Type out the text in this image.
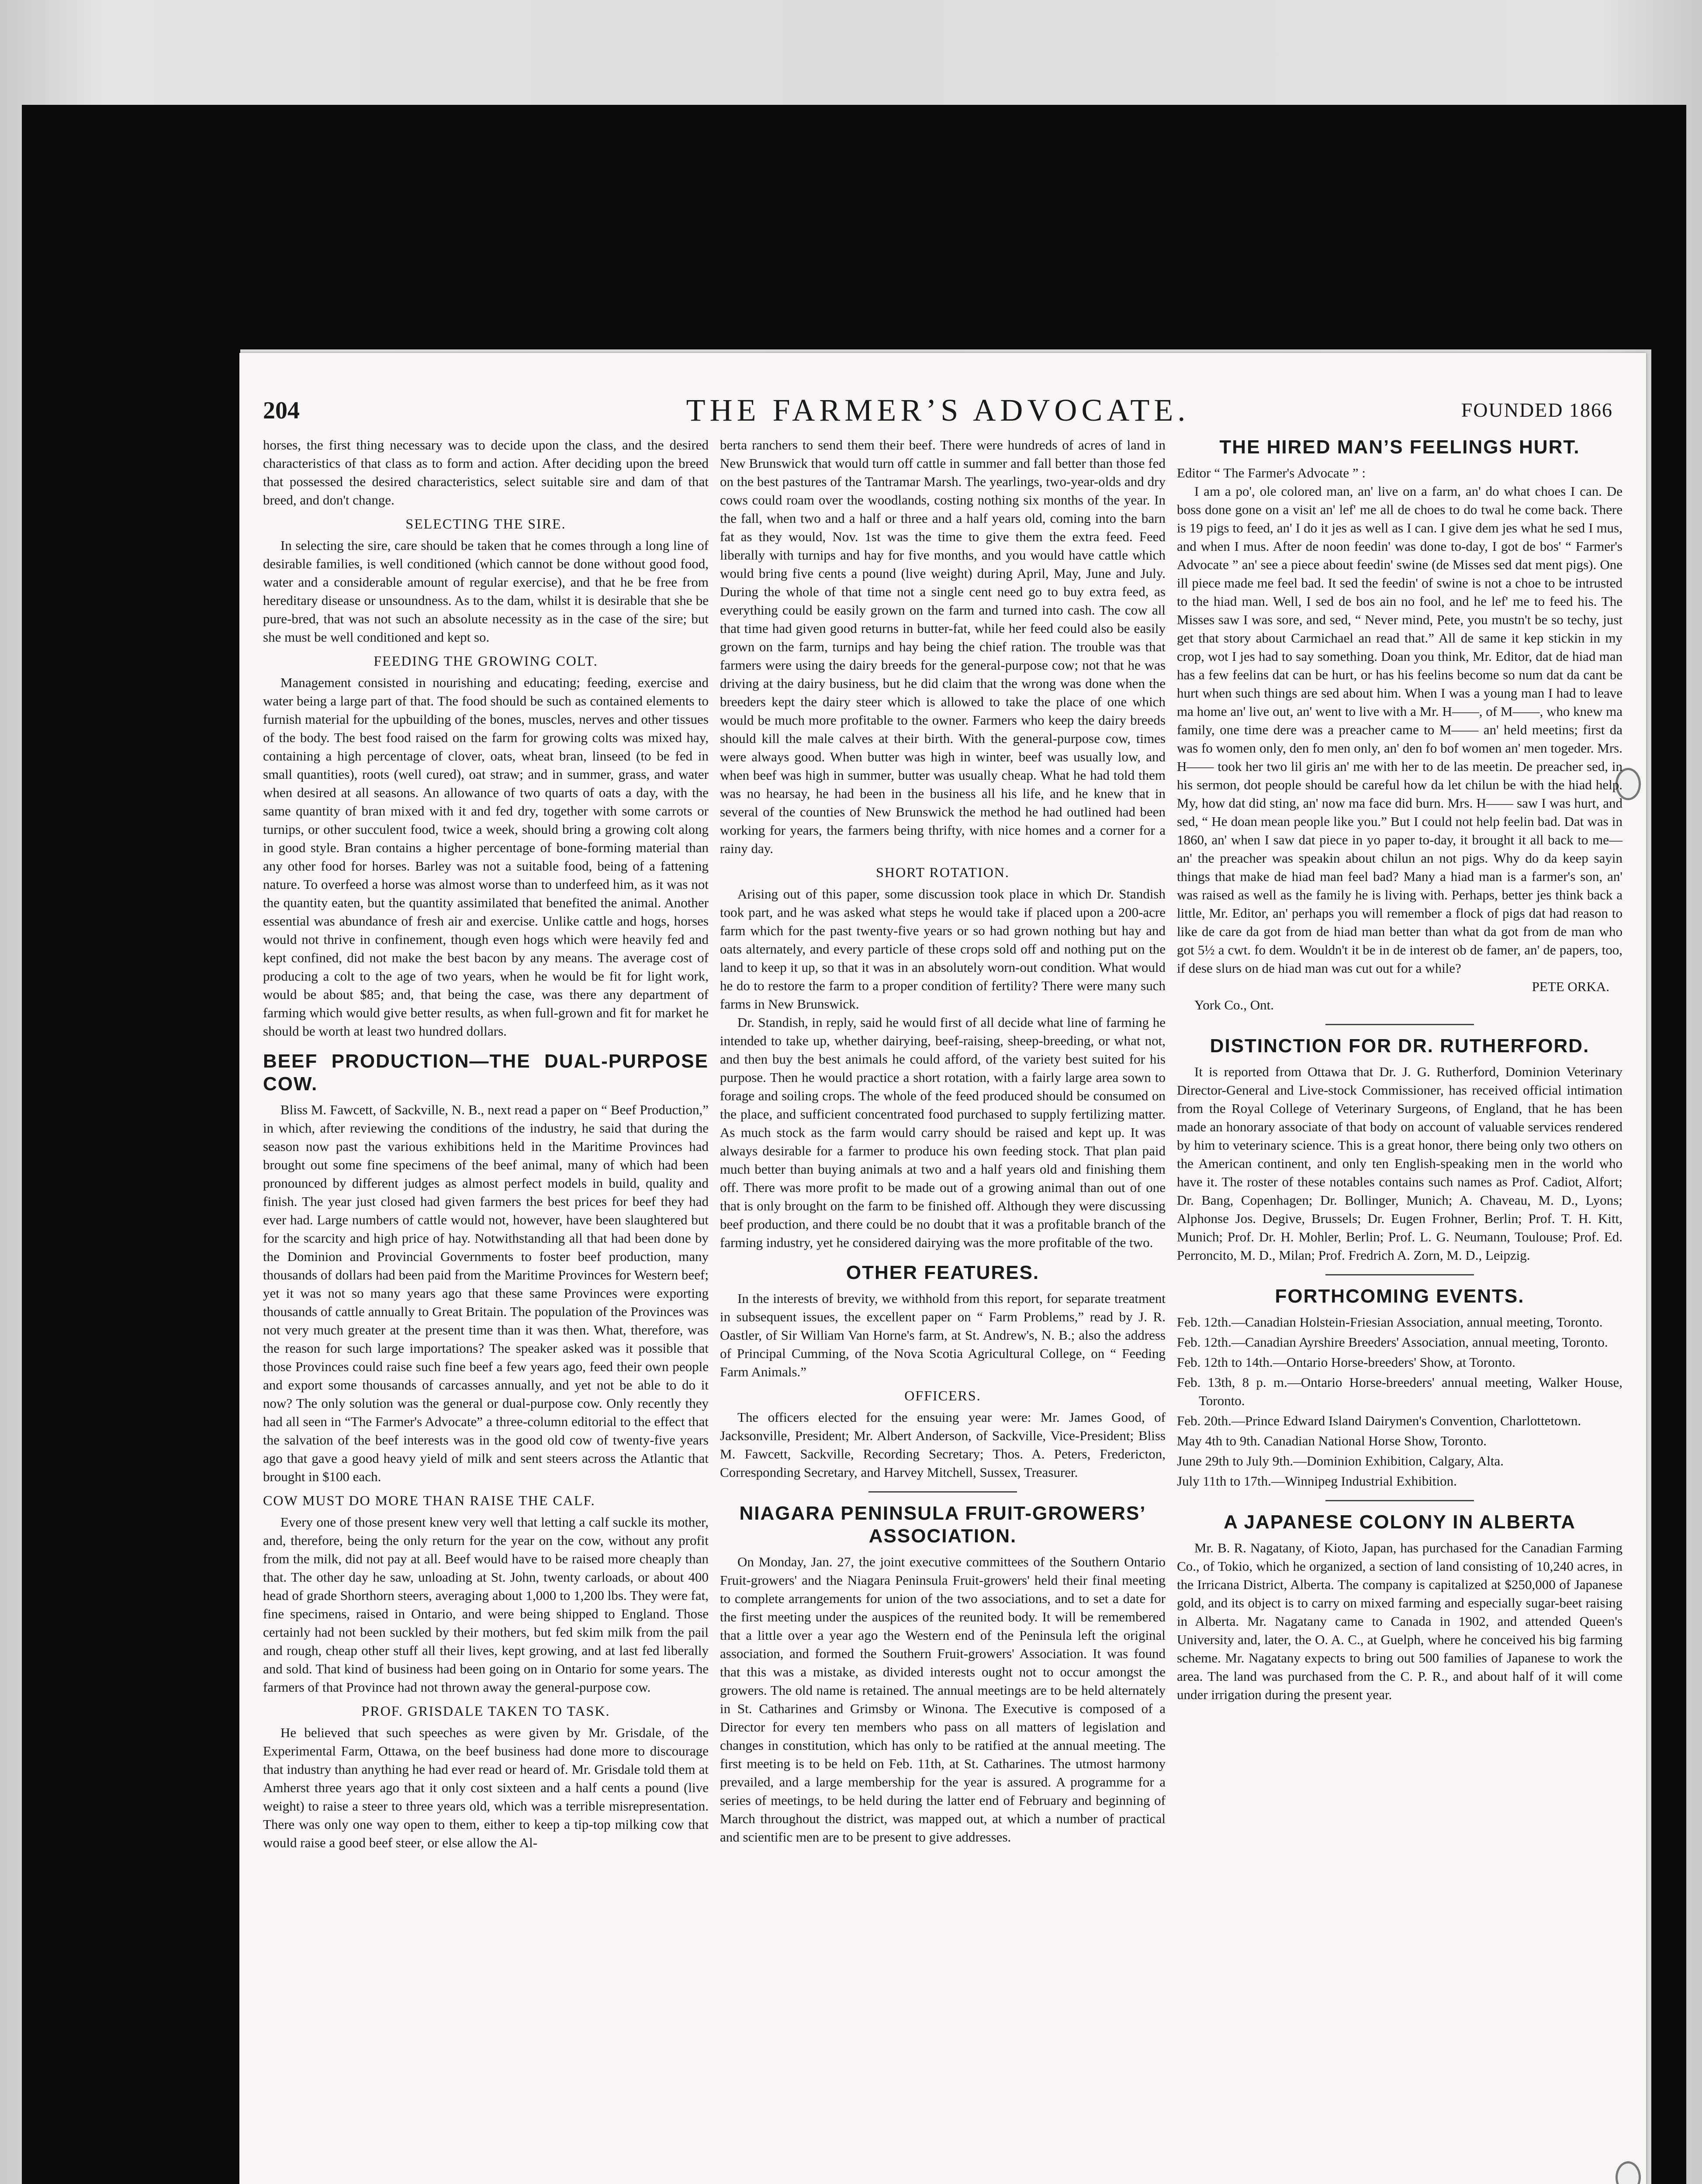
204	THE FARMER’S ADVOCATE.	FOUNDED 1866

horses, the first thing necessary was to decide upon the class, and the desired characteristics of that class as to form and action. After deciding upon the breed that possessed the desired characteristics, select suitable sire and dam of that breed, and don't change.

SELECTING THE SIRE.

In selecting the sire, care should be taken that he comes through a long line of desirable families, is well conditioned (which cannot be done without good food, water and a considerable amount of regular exercise), and that he be free from hereditary disease or unsoundness. As to the dam, whilst it is desirable that she be pure-bred, that was not such an absolute necessity as in the case of the sire; but she must be well conditioned and kept so.

FEEDING THE GROWING COLT.

Management consisted in nourishing and educating; feeding, exercise and water being a large part of that. The food should be such as contained elements to furnish material for the upbuilding of the bones, muscles, nerves and other tissues of the body. The best food raised on the farm for growing colts was mixed hay, containing a high percentage of clover, oats, wheat bran, linseed (to be fed in small quantities), roots (well cured), oat straw; and in summer, grass, and water when desired at all seasons. An allowance of two quarts of oats a day, with the same quantity of bran mixed with it and fed dry, together with some carrots or turnips, or other succulent food, twice a week, should bring a growing colt along in good style. Bran contains a higher percentage of bone-forming material than any other food for horses. Barley was not a suitable food, being of a fattening nature. To overfeed a horse was almost worse than to underfeed him, as it was not the quantity eaten, but the quantity assimilated that benefited the animal. Another essential was abundance of fresh air and exercise. Unlike cattle and hogs, horses would not thrive in confinement, though even hogs which were heavily fed and kept confined, did not make the best bacon by any means. The average cost of producing a colt to the age of two years, when he would be fit for light work, would be about $85; and, that being the case, was there any department of farming which would give better results, as when full-grown and fit for market he should be worth at least two hundred dollars.

BEEF PRODUCTION—THE DUAL-PURPOSE COW.

Bliss M. Fawcett, of Sackville, N. B., next read a paper on “ Beef Production,” in which, after reviewing the conditions of the industry, he said that during the season now past the various exhibitions held in the Maritime Provinces had brought out some fine specimens of the beef animal, many of which had been pronounced by different judges as almost perfect models in build, quality and finish. The year just closed had given farmers the best prices for beef they had ever had. Large numbers of cattle would not, however, have been slaughtered but for the scarcity and high price of hay. Notwithstanding all that had been done by the Dominion and Provincial Governments to foster beef production, many thousands of dollars had been paid from the Maritime Provinces for Western beef; yet it was not so many years ago that these same Provinces were exporting thousands of cattle annually to Great Britain. The population of the Provinces was not very much greater at the present time than it was then. What, therefore, was the reason for such large importations? The speaker asked was it possible that those Provinces could raise such fine beef a few years ago, feed their own people and export some thousands of carcasses annually, and yet not be able to do it now? The only solution was the general or dual-purpose cow. Only recently they had all seen in “The Farmer's Advocate” a three-column editorial to the effect that the salvation of the beef interests was in the good old cow of twenty-five years ago that gave a good heavy yield of milk and sent steers across the Atlantic that brought in $100 each.

COW MUST DO MORE THAN RAISE THE CALF.

Every one of those present knew very well that letting a calf suckle its mother, and, therefore, being the only return for the year on the cow, without any profit from the milk, did not pay at all. Beef would have to be raised more cheaply than that. The other day he saw, unloading at St. John, twenty carloads, or about 400 head of grade Shorthorn steers, averaging about 1,000 to 1,200 lbs. They were fat, fine specimens, raised in Ontario, and were being shipped to England. Those certainly had not been suckled by their mothers, but fed skim milk from the pail and rough, cheap other stuff all their lives, kept growing, and at last fed liberally and sold. That kind of business had been going on in Ontario for some years. The farmers of that Province had not thrown away the general-purpose cow.

PROF. GRISDALE TAKEN TO TASK.

He believed that such speeches as were given by Mr. Grisdale, of the Experimental Farm, Ottawa, on the beef business had done more to discourage that industry than anything he had ever read or heard of. Mr. Grisdale told them at Amherst three years ago that it only cost sixteen and a half cents a pound (live weight) to raise a steer to three years old, which was a terrible misrepresentation. There was only one way open to them, either to keep a tip-top milking cow that would raise a good beef steer, or else allow the Al-

berta ranchers to send them their beef. There were hundreds of acres of land in New Brunswick that would turn off cattle in summer and fall better than those fed on the best pastures of the Tantramar Marsh. The yearlings, two-year-olds and dry cows could roam over the woodlands, costing nothing six months of the year. In the fall, when two and a half or three and a half years old, coming into the barn fat as they would, Nov. 1st was the time to give them the extra feed. Feed liberally with turnips and hay for five months, and you would have cattle which would bring five cents a pound (live weight) during April, May, June and July. During the whole of that time not a single cent need go to buy extra feed, as everything could be easily grown on the farm and turned into cash. The cow all that time had given good returns in butter-fat, while her feed could also be easily grown on the farm, turnips and hay being the chief ration. The trouble was that farmers were using the dairy breeds for the general-purpose cow; not that he was driving at the dairy business, but he did claim that the wrong was done when the breeders kept the dairy steer which is allowed to take the place of one which would be much more profitable to the owner. Farmers who keep the dairy breeds should kill the male calves at their birth. With the general-purpose cow, times were always good. When butter was high in winter, beef was usually low, and when beef was high in summer, butter was usually cheap. What he had told them was no hearsay, he had been in the business all his life, and he knew that in several of the counties of New Brunswick the method he had outlined had been working for years, the farmers being thrifty, with nice homes and a corner for a rainy day.

SHORT ROTATION.

Arising out of this paper, some discussion took place in which Dr. Standish took part, and he was asked what steps he would take if placed upon a 200-acre farm which for the past twenty-five years or so had grown nothing but hay and oats alternately, and every particle of these crops sold off and nothing put on the land to keep it up, so that it was in an absolutely worn-out condition. What would he do to restore the farm to a proper condition of fertility? There were many such farms in New Brunswick.

Dr. Standish, in reply, said he would first of all decide what line of farming he intended to take up, whether dairying, beef-raising, sheep-breeding, or what not, and then buy the best animals he could afford, of the variety best suited for his purpose. Then he would practice a short rotation, with a fairly large area sown to forage and soiling crops. The whole of the feed produced should be consumed on the place, and sufficient concentrated food purchased to supply fertilizing matter. As much stock as the farm would carry should be raised and kept up. It was always desirable for a farmer to produce his own feeding stock. That plan paid much better than buying animals at two and a half years old and finishing them off. There was more profit to be made out of a growing animal than out of one that is only brought on the farm to be finished off. Although they were discussing beef production, and there could be no doubt that it was a profitable branch of the farming industry, yet he considered dairying was the more profitable of the two.

OTHER FEATURES.

In the interests of brevity, we withhold from this report, for separate treatment in subsequent issues, the excellent paper on “ Farm Problems,” read by J. R. Oastler, of Sir William Van Horne's farm, at St. Andrew's, N. B.; also the address of Principal Cumming, of the Nova Scotia Agricultural College, on “ Feeding Farm Animals.”

OFFICERS.

The officers elected for the ensuing year were: Mr. James Good, of Jacksonville, President; Mr. Albert Anderson, of Sackville, Vice-President; Bliss M. Fawcett, Sackville, Recording Secretary; Thos. A. Peters, Fredericton, Corresponding Secretary, and Harvey Mitchell, Sussex, Treasurer.

NIAGARA PENINSULA FRUIT-GROWERS’ ASSOCIATION.

On Monday, Jan. 27, the joint executive committees of the Southern Ontario Fruit-growers' and the Niagara Peninsula Fruit-growers' held their final meeting to complete arrangements for union of the two associations, and to set a date for the first meeting under the auspices of the reunited body. It will be remembered that a little over a year ago the Western end of the Peninsula left the original association, and formed the Southern Fruit-growers' Association. It was found that this was a mistake, as divided interests ought not to occur amongst the growers. The old name is retained. The annual meetings are to be held alternately in St. Catharines and Grimsby or Winona. The Executive is composed of a Director for every ten members who pass on all matters of legislation and changes in constitution, which has only to be ratified at the annual meeting. The first meeting is to be held on Feb. 11th, at St. Catharines. The utmost harmony prevailed, and a large membership for the year is assured. A programme for a series of meetings, to be held during the latter end of February and beginning of March throughout the district, was mapped out, at which a number of practical and scientific men are to be present to give addresses.

THE HIRED MAN’S FEELINGS HURT.
Editor “ The Farmer's Advocate ” :

I am a po', ole colored man, an' live on a farm, an' do what choes I can. De boss done gone on a visit an' lef' me all de choes to do twal he come back. There is 19 pigs to feed, an' I do it jes as well as I can. I give dem jes what he sed I mus, and when I mus. After de noon feedin' was done to-day, I got de bos' “ Farmer's Advocate ” an' see a piece about feedin' swine (de Misses sed dat ment pigs). One ill piece made me feel bad. It sed the feedin' of swine is not a choe to be intrusted to the hiad man. Well, I sed de bos ain no fool, and he lef' me to feed his. The Misses saw I was sore, and sed, “ Never mind, Pete, you mustn't be so techy, just get that story about Carmichael an read that.” All de same it kep stickin in my crop, wot I jes had to say something. Doan you think, Mr. Editor, dat de hiad man has a few feelins dat can be hurt, or has his feelins become so num dat da cant be hurt when such things are sed about him. When I was a young man I had to leave ma home an' live out, an' went to live with a Mr. H——, of M——, who knew ma family, one time dere was a preacher came to M—— an' held meetins; first da was fo women only, den fo men only, an' den fo bof women an' men togeder. Mrs. H—— took her two lil giris an' me with her to de las meetin. De preacher sed, in his sermon, dot people should be careful how da let chilun be with the hiad help. My, how dat did sting, an' now ma face did burn. Mrs. H—— saw I was hurt, and sed, “ He doan mean people like you.” But I could not help feelin bad. Dat was in 1860, an' when I saw dat piece in yo paper to-day, it brought it all back to me—an' the preacher was speakin about chilun an not pigs. Why do da keep sayin things that make de hiad man feel bad? Many a hiad man is a farmer's son, an' was raised as well as the family he is living with. Perhaps, better jes think back a little, Mr. Editor, an' perhaps you will remember a flock of pigs dat had reason to like de care da got from de hiad man better than what da got from de man who got 5½ a cwt. fo dem. Wouldn't it be in de interest ob de famer, an' de papers, too, if dese slurs on de hiad man was cut out for a while?

PETE ORKA.
York Co., Ont.
DISTINCTION FOR DR. RUTHERFORD.

It is reported from Ottawa that Dr. J. G. Rutherford, Dominion Veterinary Director-General and Live-stock Commissioner, has received official intimation from the Royal College of Veterinary Surgeons, of England, that he has been made an honorary associate of that body on account of valuable services rendered by him to veterinary science. This is a great honor, there being only two others on the American continent, and only ten English-speaking men in the world who have it. The roster of these notables contains such names as Prof. Cadiot, Alfort; Dr. Bang, Copenhagen; Dr. Bollinger, Munich; A. Chaveau, M. D., Lyons; Alphonse Jos. Degive, Brussels; Dr. Eugen Frohner, Berlin; Prof. T. H. Kitt, Munich; Prof. Dr. H. Mohler, Berlin; Prof. L. G. Neumann, Toulouse; Prof. Ed. Perroncito, M. D., Milan; Prof. Fredrich A. Zorn, M. D., Leipzig.

FORTHCOMING EVENTS.
Feb. 12th.—Canadian Holstein-Friesian Association, annual meeting, Toronto.
Feb. 12th.—Canadian Ayrshire Breeders' Association, annual meeting, Toronto.
Feb. 12th to 14th.—Ontario Horse-breeders' Show, at Toronto.
Feb. 13th, 8 p. m.—Ontario Horse-breeders' annual meeting, Walker House, Toronto.
Feb. 20th.—Prince Edward Island Dairymen's Convention, Charlottetown.
May 4th to 9th. Canadian National Horse Show, Toronto.
June 29th to July 9th.—Dominion Exhibition, Calgary, Alta.
July 11th to 17th.—Winnipeg Industrial Exhibition.
A JAPANESE COLONY IN ALBERTA

Mr. B. R. Nagatany, of Kioto, Japan, has purchased for the Canadian Farming Co., of Tokio, which he organized, a section of land consisting of 10,240 acres, in the Irricana District, Alberta. The company is capitalized at $250,000 of Japanese gold, and its object is to carry on mixed farming and especially sugar-beet raising in Alberta. Mr. Nagatany came to Canada in 1902, and attended Queen's University and, later, the O. A. C., at Guelph, where he conceived his big farming scheme. Mr. Nagatany expects to bring out 500 families of Japanese to work the area. The land was purchased from the C. P. R., and about half of it will come under irrigation during the present year.
